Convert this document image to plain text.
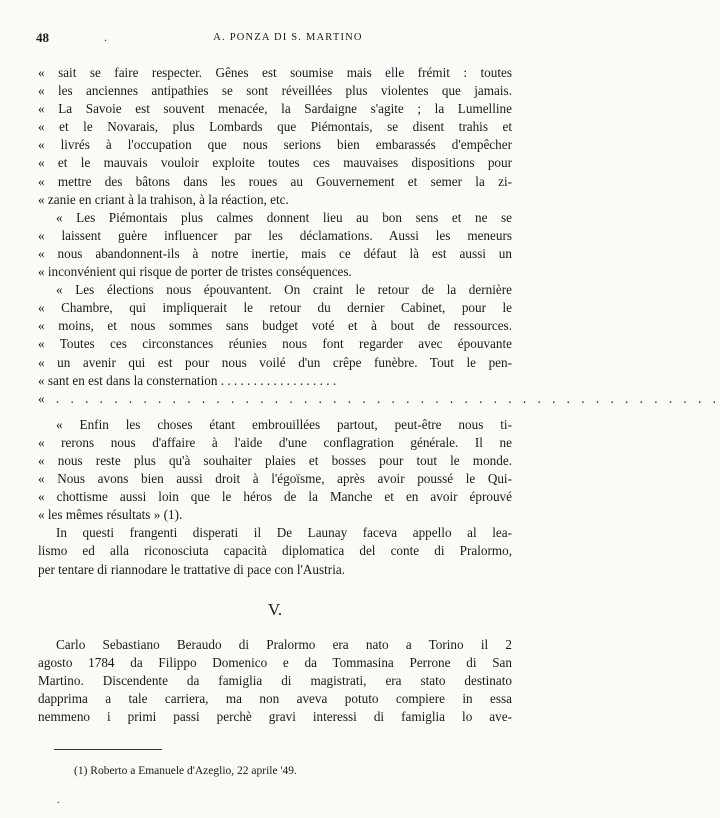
48	.	A. PONZA DI S. MARTINO
« sait se faire respecter. Gênes est soumise mais elle frémit : toutes
« les anciennes antipathies se sont réveillées plus violentes que jamais.
« La Savoie est souvent menacée, la Sardaigne s'agite ; la Lumelline
« et le Novarais, plus Lombards que Piémontais, se disent trahis et
« livrés à l'occupation que nous serions bien embarassés d'empêcher
« et le mauvais vouloir exploite toutes ces mauvaises dispositions pour
« mettre des bâtons dans les roues au Gouvernement et semer la zi-
« zanie en criant à la trahison, à la réaction, etc.
« Les Piémontais plus calmes donnent lieu au bon sens et ne se
« laissent guère influencer par les déclamations. Aussi les meneurs
« nous abandonnent-ils à notre inertie, mais ce défaut là est aussi un
« inconvénient qui risque de porter de tristes conséquences.
« Les élections nous épouvantent. On craint le retour de la dernière
« Chambre, qui impliquerait le retour du dernier Cabinet, pour le
« moins, et nous sommes sans budget voté et à bout de ressources.
« Toutes ces circonstances réunies nous font regarder avec épouvante
« un avenir qui est pour nous voilé d'un crêpe funèbre. Tout le pen-
« sant en est dans la consternation . . . . . . . . . . . . . . . . . .
« . . . . . . . . . . . . . . . . . . . . . . . . . . . . . . . . . . . . . . . . . . . . . .
« Enfin les choses étant embrouillées partout, peut-être nous ti-
« rerons nous d'affaire à l'aide d'une conflagration générale. Il ne
« nous reste plus qu'à souhaiter plaies et bosses pour tout le monde.
« Nous avons bien aussi droit à l'égoïsme, après avoir poussé le Qui-
« chottisme aussi loin que le héros de la Manche et en avoir éprouvé
« les mêmes résultats » (1).
In questi frangenti disperati il De Launay faceva appello al lea-
lismo ed alla riconosciuta capacità diplomatica del conte di Pralormo,
per tentare di riannodare le trattative di pace con l'Austria.
V.
Carlo Sebastiano Beraudo di Pralormo era nato a Torino il 2
agosto 1784 da Filippo Domenico e da Tommasina Perrone di San
Martino. Discendente da famiglia di magistrati, era stato destinato
dapprima a tale carriera, ma non aveva potuto compiere in essa
nemmeno i primi passi perchè gravi interessi di famiglia lo ave-
(1) Roberto a Emanuele d'Azeglio, 22 aprile '49.
.
